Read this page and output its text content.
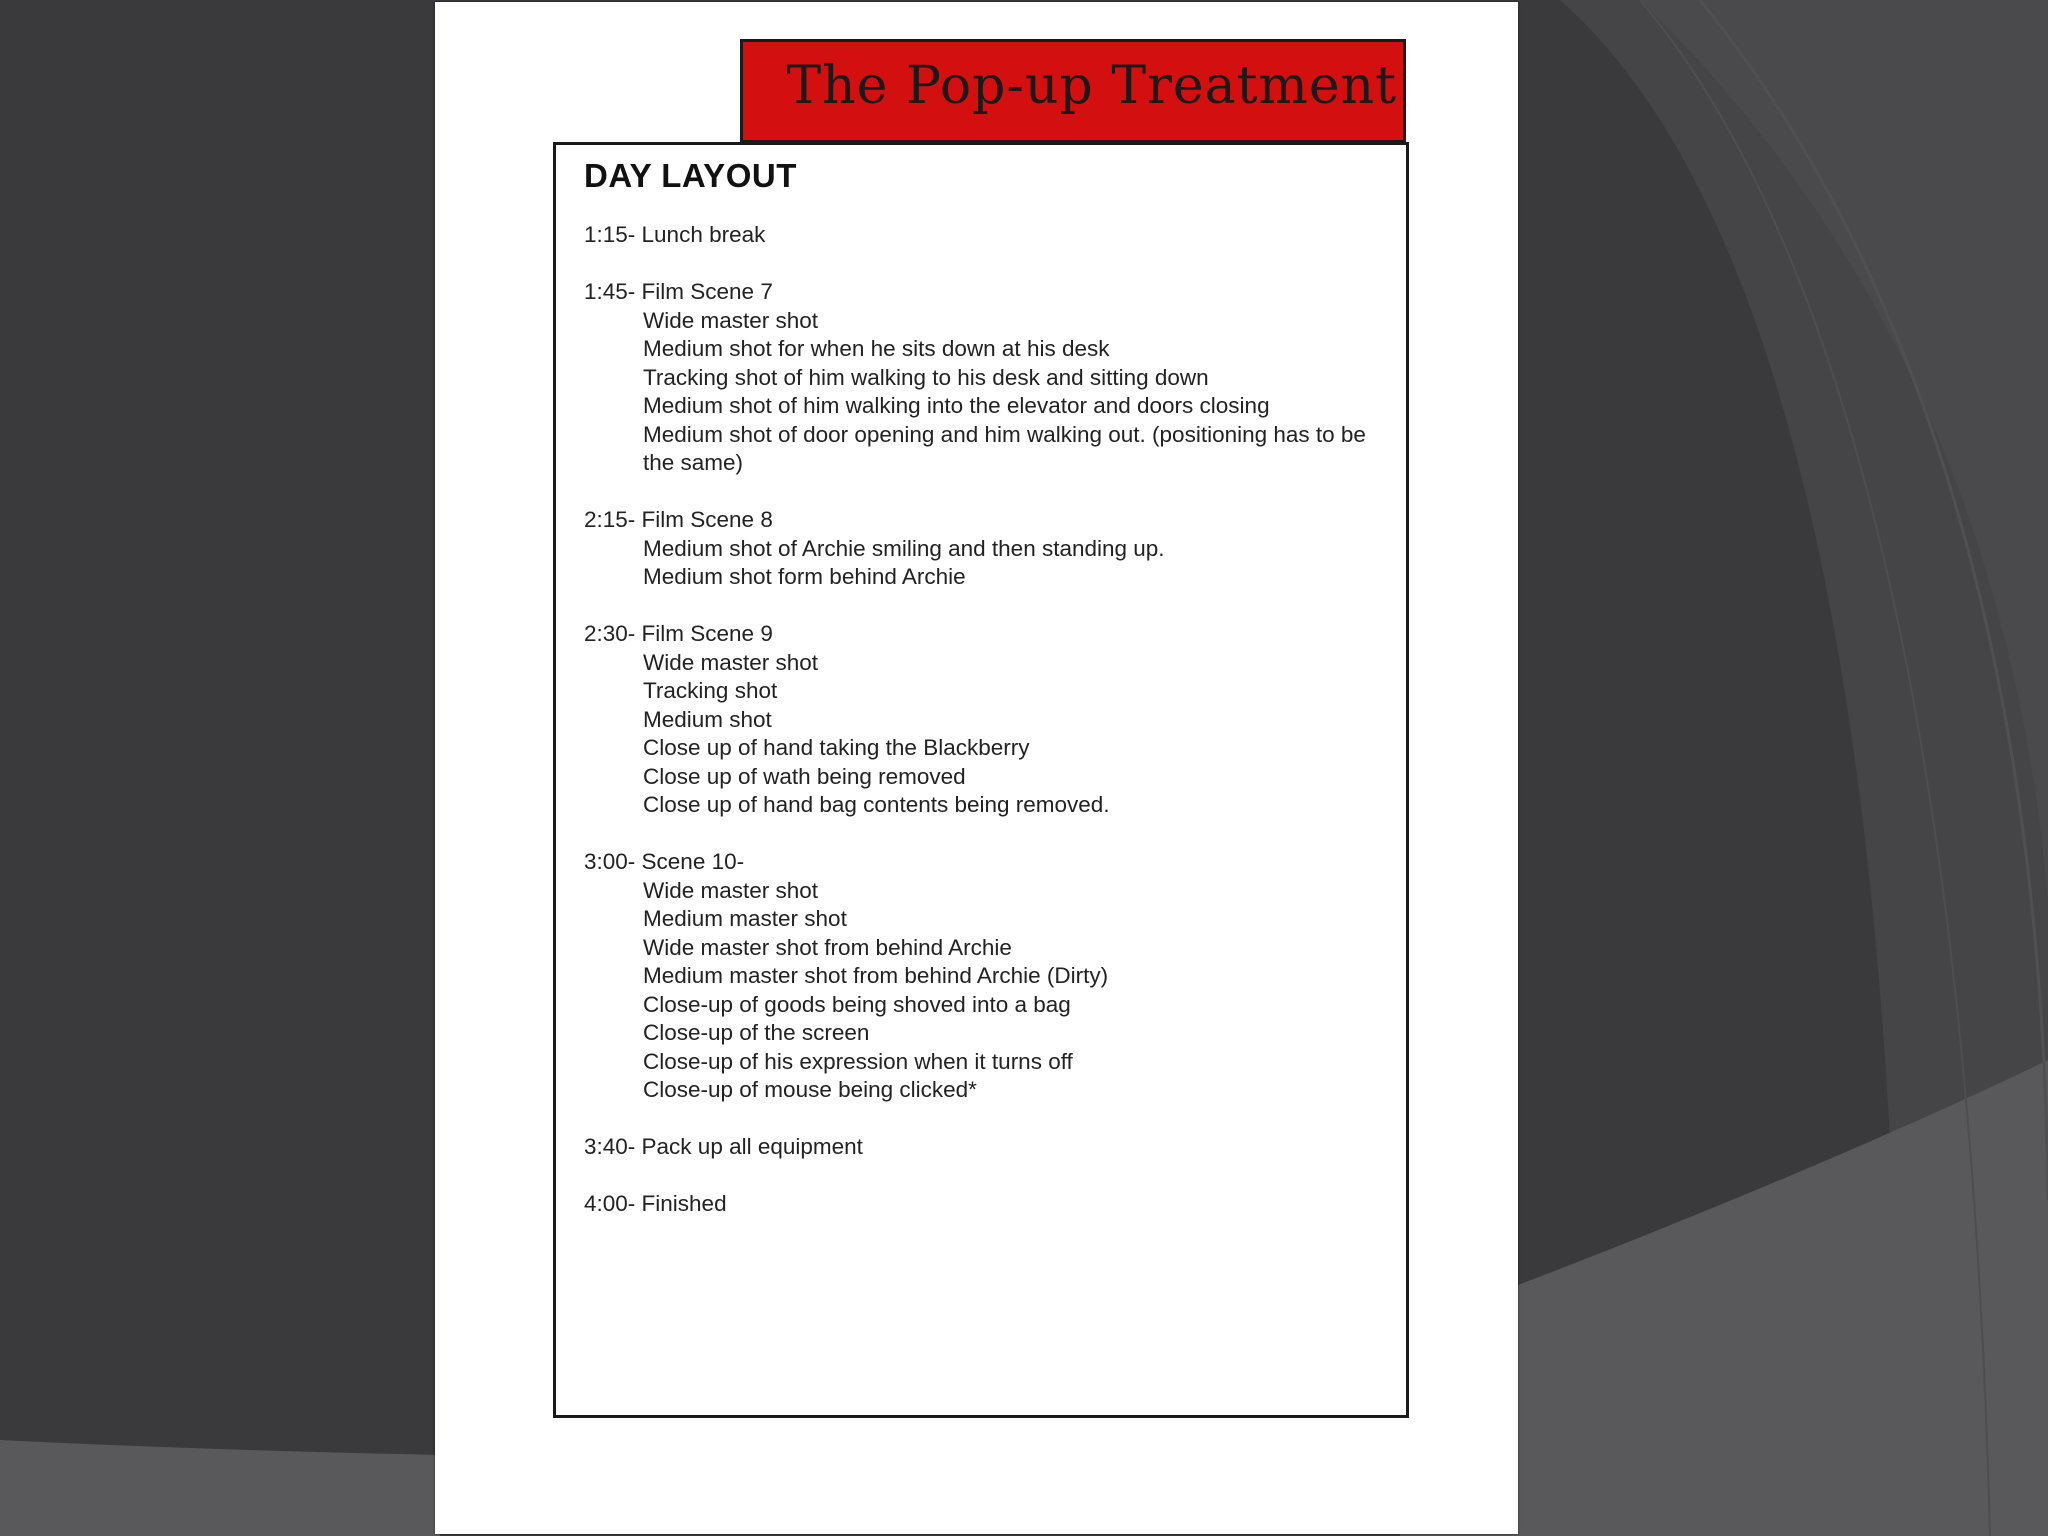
The Pop-up Treatment
DAY LAYOUT
1:15- Lunch break
1:45- Film Scene 7
Wide master shot
Medium shot for when he sits down at his desk
Tracking shot of him walking to his desk and sitting down
Medium shot of him walking into the elevator and doors closing
Medium shot of door opening and him walking out. (positioning has to be the same)
2:15- Film Scene 8
Medium shot of Archie smiling and then standing up.
Medium shot form behind Archie
2:30- Film Scene 9
Wide master shot
Tracking shot
Medium shot
Close up of hand taking the Blackberry
Close up of wath being removed
Close up of hand bag contents being removed.
3:00- Scene 10-
Wide master shot
Medium master shot
Wide master shot from behind Archie
Medium master shot from behind Archie (Dirty)
Close-up of goods being shoved into a bag
Close-up of the screen
Close-up of his expression when it turns off
Close-up of mouse being clicked*
3:40- Pack up all equipment
4:00- Finished
